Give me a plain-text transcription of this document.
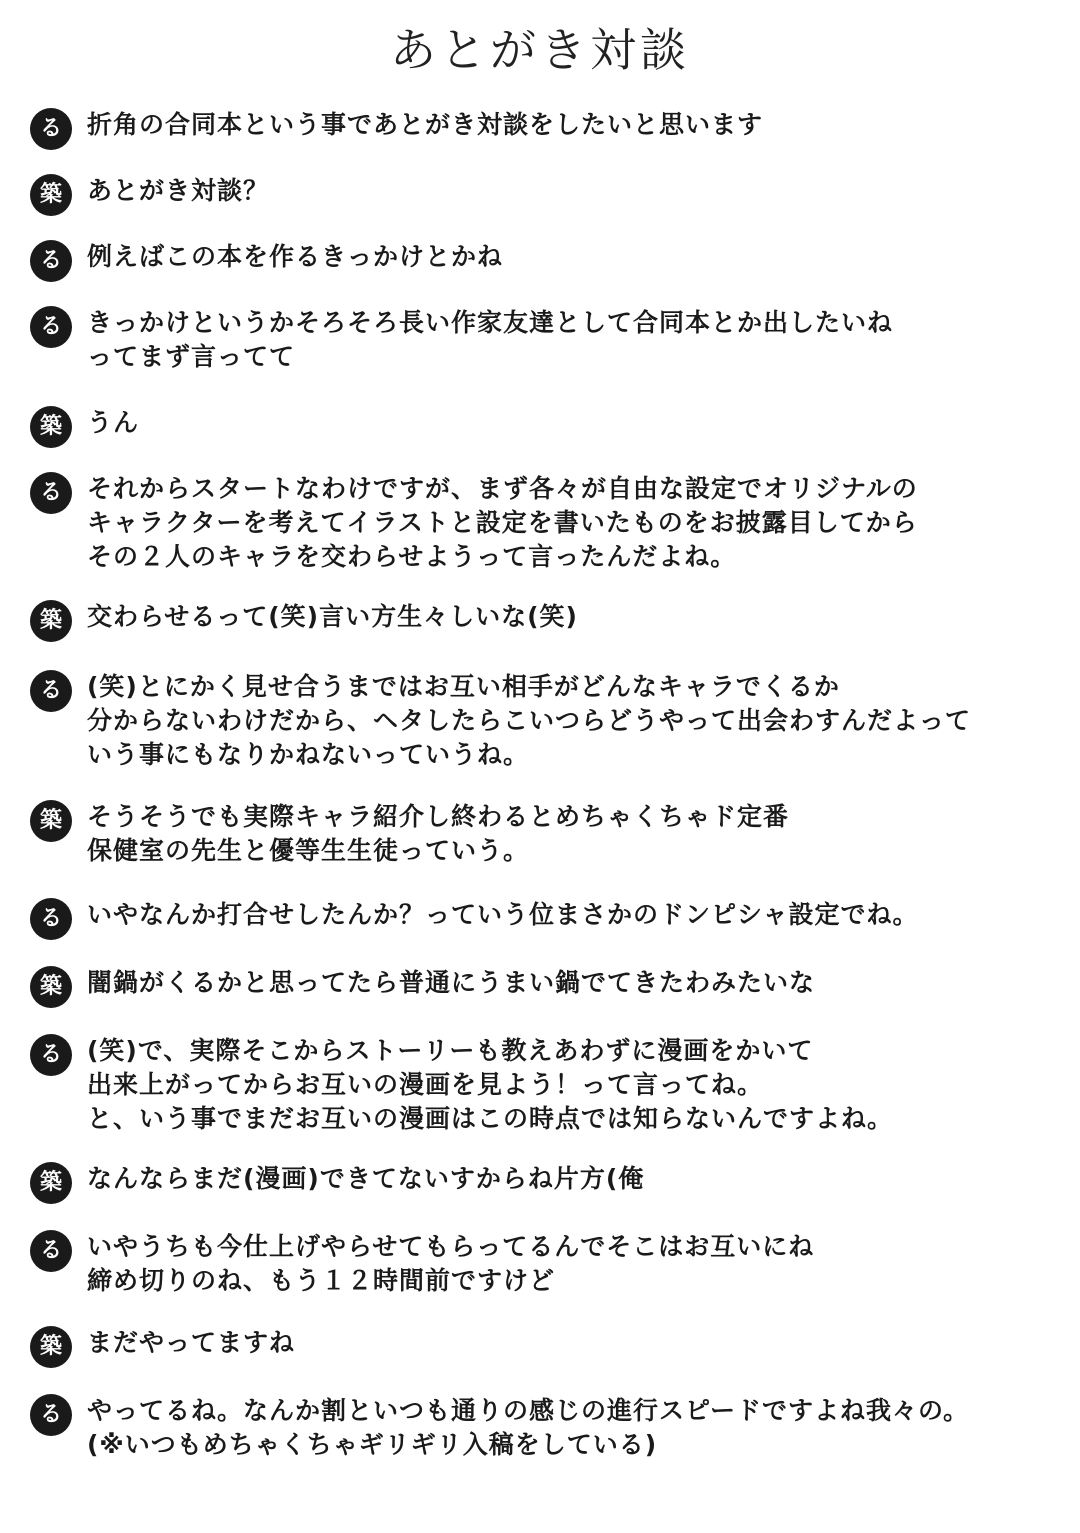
あとがき対談
る	折角の合同本という事であとがき対談をしたいと思います
築	あとがき対談？
る	例えばこの本を作るきっかけとかね
る	きっかけというかそろそろ長い作家友達として合同本とか出したいね
ってまず言ってて
築	うん
る	それからスタートなわけですが、まず各々が自由な設定でオリジナルの
キャラクターを考えてイラストと設定を書いたものをお披露目してから
その２人のキャラを交わらせようって言ったんだよね。
築	交わらせるって(笑)言い方生々しいな(笑)
る	(笑)とにかく見せ合うまではお互い相手がどんなキャラでくるか
分からないわけだから、ヘタしたらこいつらどうやって出会わすんだよって
いう事にもなりかねないっていうね。
築	そうそうでも実際キャラ紹介し終わるとめちゃくちゃド定番
保健室の先生と優等生生徒っていう。
る	いやなんか打合せしたんか？っていう位まさかのドンピシャ設定でね。
築	闇鍋がくるかと思ってたら普通にうまい鍋でてきたわみたいな
る	(笑)で、実際そこからストーリーも教えあわずに漫画をかいて
出来上がってからお互いの漫画を見よう！って言ってね。
と、いう事でまだお互いの漫画はこの時点では知らないんですよね。
築	なんならまだ(漫画)できてないすからね片方(俺
る	いやうちも今仕上げやらせてもらってるんでそこはお互いにね
締め切りのね、もう１２時間前ですけど
築	まだやってますね
る	やってるね。なんか割といつも通りの感じの進行スピードですよね我々の。
(※いつもめちゃくちゃギリギリ入稿をしている)
